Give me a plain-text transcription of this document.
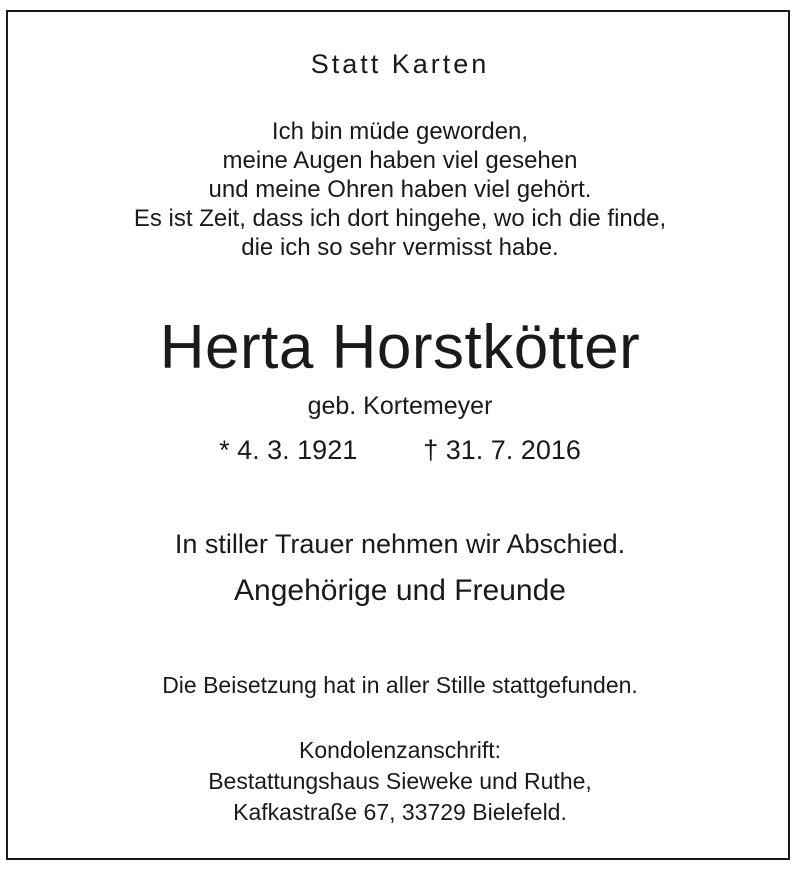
Statt Karten
Ich bin müde geworden,
meine Augen haben viel gesehen
und meine Ohren haben viel gehört.
Es ist Zeit, dass ich dort hingehe, wo ich die finde,
die ich so sehr vermisst habe.
Herta Horstkötter
geb. Kortemeyer
* 4. 3. 1921 † 31. 7. 2016
In stiller Trauer nehmen wir Abschied.
Angehörige und Freunde
Die Beisetzung hat in aller Stille stattgefunden.
Kondolenzanschrift:
Bestattungshaus Sieweke und Ruthe,
Kafkastraße 67, 33729 Bielefeld.
